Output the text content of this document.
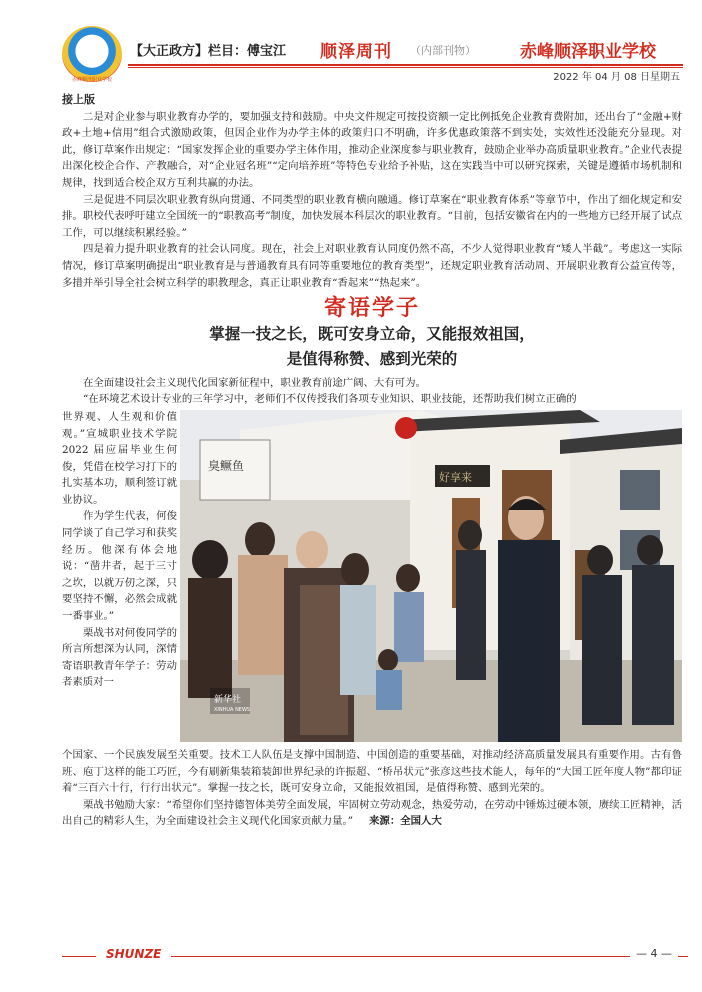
赤峰顺泽职业学校
【大正政方】栏目：傅宝江 顺泽周刊 （内部刊物）	赤峰顺泽职业学校
2022 年 04 月 08 日星期五
接上版

二是对企业参与职业教育办学的，要加强支持和鼓励。中央文件规定可按投资额一定比例抵免企业教育费附加，还出台了“金融+财政+土地+信用”组合式激励政策，但因企业作为办学主体的政策归口不明确，许多优惠政策落不到实处，实效性还没能充分显现。对此，修订草案作出规定：“国家发挥企业的重要办学主体作用，推动企业深度参与职业教育，鼓励企业举办高质量职业教育。”企业代表提出深化校企合作、产教融合，对“企业冠名班”“定向培养班”等特色专业给予补贴，这在实践当中可以研究探索，关键是遵循市场机制和规律，找到适合校企双方互利共赢的办法。

三是促进不同层次职业教育纵向贯通、不同类型的职业教育横向融通。修订草案在“职业教育体系”等章节中，作出了细化规定和安排。职校代表呼吁建立全国统一的“职教高考”制度，加快发展本科层次的职业教育。“目前，包括安徽省在内的一些地方已经开展了试点工作，可以继续积累经验。”

四是着力提升职业教育的社会认同度。现在，社会上对职业教育认同度仍然不高，不少人觉得职业教育“矮人半截”。考虑这一实际情况，修订草案明确提出“职业教育是与普通教育具有同等重要地位的教育类型”，还规定职业教育活动周、开展职业教育公益宣传等，多措并举引导全社会树立科学的职教理念，真正让职业教育“香起来”“热起来”。

寄语学子
掌握一技之长，既可安身立命，又能报效祖国，
是值得称赞、感到光荣的

在全面建设社会主义现代化国家新征程中，职业教育前途广阔、大有可为。

“在环境艺术设计专业的三年学习中，老师们不仅传授我们各项专业知识、职业技能，还帮助我们树立正确的

世界观、人生观和价值观。”宣城职业技术学院 2022 届应届毕业生何俊，凭借在校学习打下的扎实基本功，顺利签订就业协议。

作为学生代表，何俊同学谈了自己学习和获奖经历。他深有体会地说：“凿井者，起于三寸之坎，以就万仞之深，只要坚持不懈，必然会成就一番事业。”

栗战书对何俊同学的所言所想深为认同，深情寄语职教青年学子：劳动者素质对一

臭鳜鱼
好享来
新华社
XINHUA NEWS

个国家、一个民族发展至关重要。技术工人队伍是支撑中国制造、中国创造的重要基础，对推动经济高质量发展具有重要作用。古有鲁班、庖丁这样的能工巧匠，今有刷新集装箱装卸世界纪录的许振超、“桥吊状元”张彦这些技术能人，每年的“大国工匠年度人物”都印证着“三百六十行，行行出状元”。掌握一技之长，既可安身立命，又能报效祖国，是值得称赞、感到光荣的。

栗战书勉励大家：“希望你们坚持德智体美劳全面发展，牢固树立劳动观念，热爱劳动，在劳动中锤炼过硬本领，赓续工匠精神，活出自己的精彩人生，为全面建设社会主义现代化国家贡献力量。” 来源：全国人大

SHUNZE	— 4 —
